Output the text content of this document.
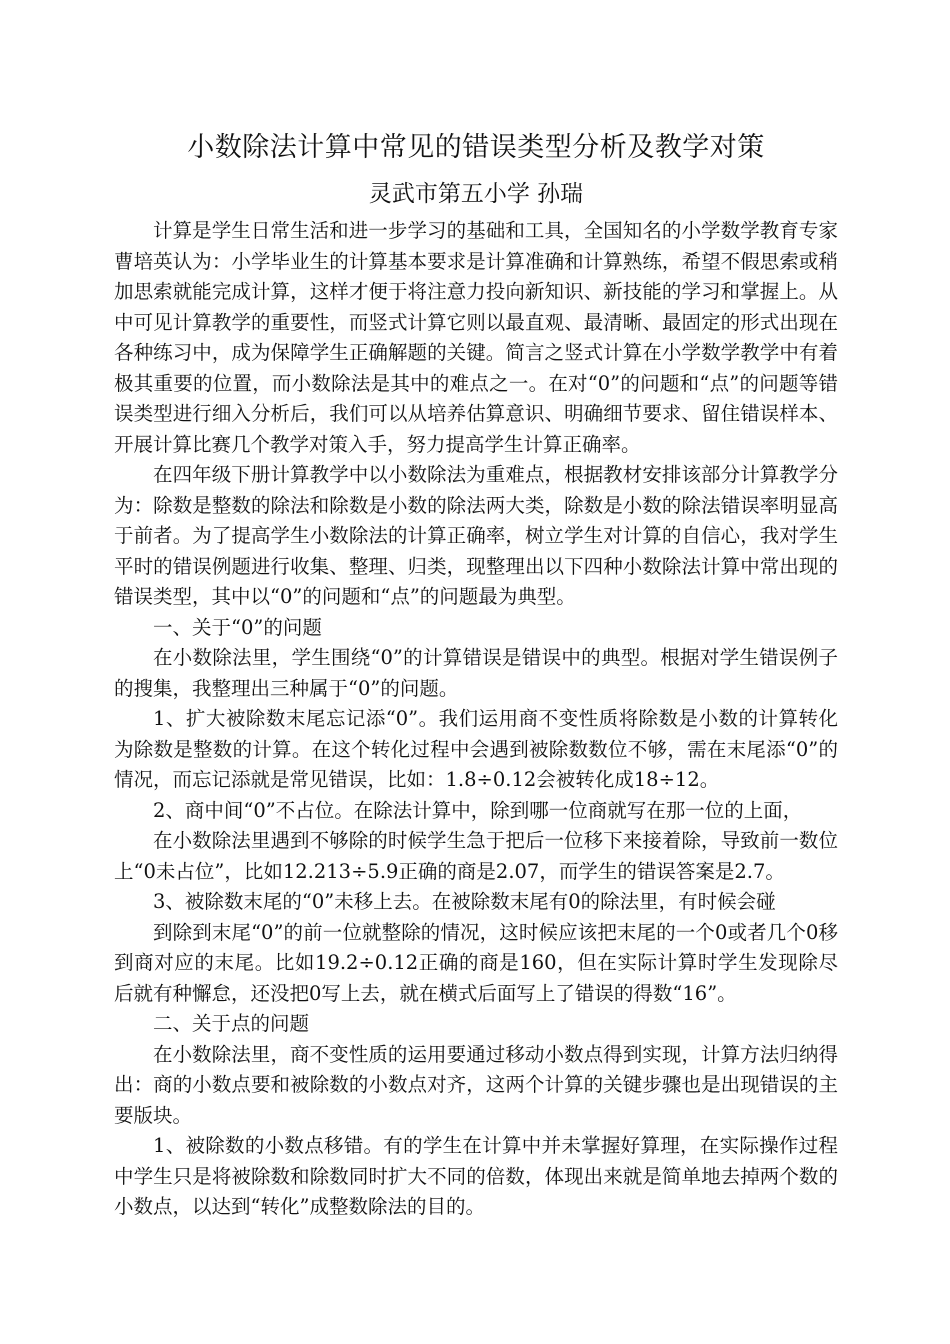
小数除法计算中常见的错误类型分析及教学对策
灵武市第五小学 孙瑞

计算是学生日常生活和进一步学习的基础和工具，全国知名的小学数学教育专家曹培英认为：小学毕业生的计算基本要求是计算准确和计算熟练，希望不假思索或稍加思索就能完成计算，这样才便于将注意力投向新知识、新技能的学习和掌握上。从中可见计算教学的重要性，而竖式计算它则以最直观、最清晰、最固定的形式出现在各种练习中，成为保障学生正确解题的关键。简言之竖式计算在小学数学教学中有着极其重要的位置，而小数除法是其中的难点之一。在对“0”的问题和“点”的问题等错误类型进行细入分析后，我们可以从培养估算意识、明确细节要求、留住错误样本、开展计算比赛几个教学对策入手，努力提高学生计算正确率。

在四年级下册计算教学中以小数除法为重难点，根据教材安排该部分计算教学分为：除数是整数的除法和除数是小数的除法两大类，除数是小数的除法错误率明显高于前者。为了提高学生小数除法的计算正确率，树立学生对计算的自信心，我对学生平时的错误例题进行收集、整理、归类，现整理出以下四种小数除法计算中常出现的错误类型，其中以“0”的问题和“点”的问题最为典型。

一、关于“0”的问题

在小数除法里，学生围绕“0”的计算错误是错误中的典型。根据对学生错误例子的搜集，我整理出三种属于“0”的问题。

1、扩大被除数末尾忘记添“0”。我们运用商不变性质将除数是小数的计算转化为除数是整数的计算。在这个转化过程中会遇到被除数数位不够，需在末尾添“0”的情况，而忘记添就是常见错误，比如：1.8÷0.12会被转化成18÷12。

2、商中间“0”不占位。在除法计算中，除到哪一位商就写在那一位的上面，

在小数除法里遇到不够除的时候学生急于把后一位移下来接着除，导致前一数位上“0未占位”，比如12.213÷5.9正确的商是2.07，而学生的错误答案是2.7。

3、被除数末尾的“0”未移上去。在被除数末尾有0的除法里，有时候会碰

到除到末尾“0”的前一位就整除的情况，这时候应该把末尾的一个0或者几个0移到商对应的末尾。比如19.2÷0.12正确的商是160，但在实际计算时学生发现除尽后就有种懈怠，还没把0写上去，就在横式后面写上了错误的得数“16”。

二、关于点的问题

在小数除法里，商不变性质的运用要通过移动小数点得到实现，计算方法归纳得出：商的小数点要和被除数的小数点对齐，这两个计算的关键步骤也是出现错误的主要版块。

1、被除数的小数点移错。有的学生在计算中并未掌握好算理，在实际操作过程中学生只是将被除数和除数同时扩大不同的倍数，体现出来就是简单地去掉两个数的小数点，以达到“转化”成整数除法的目的。
